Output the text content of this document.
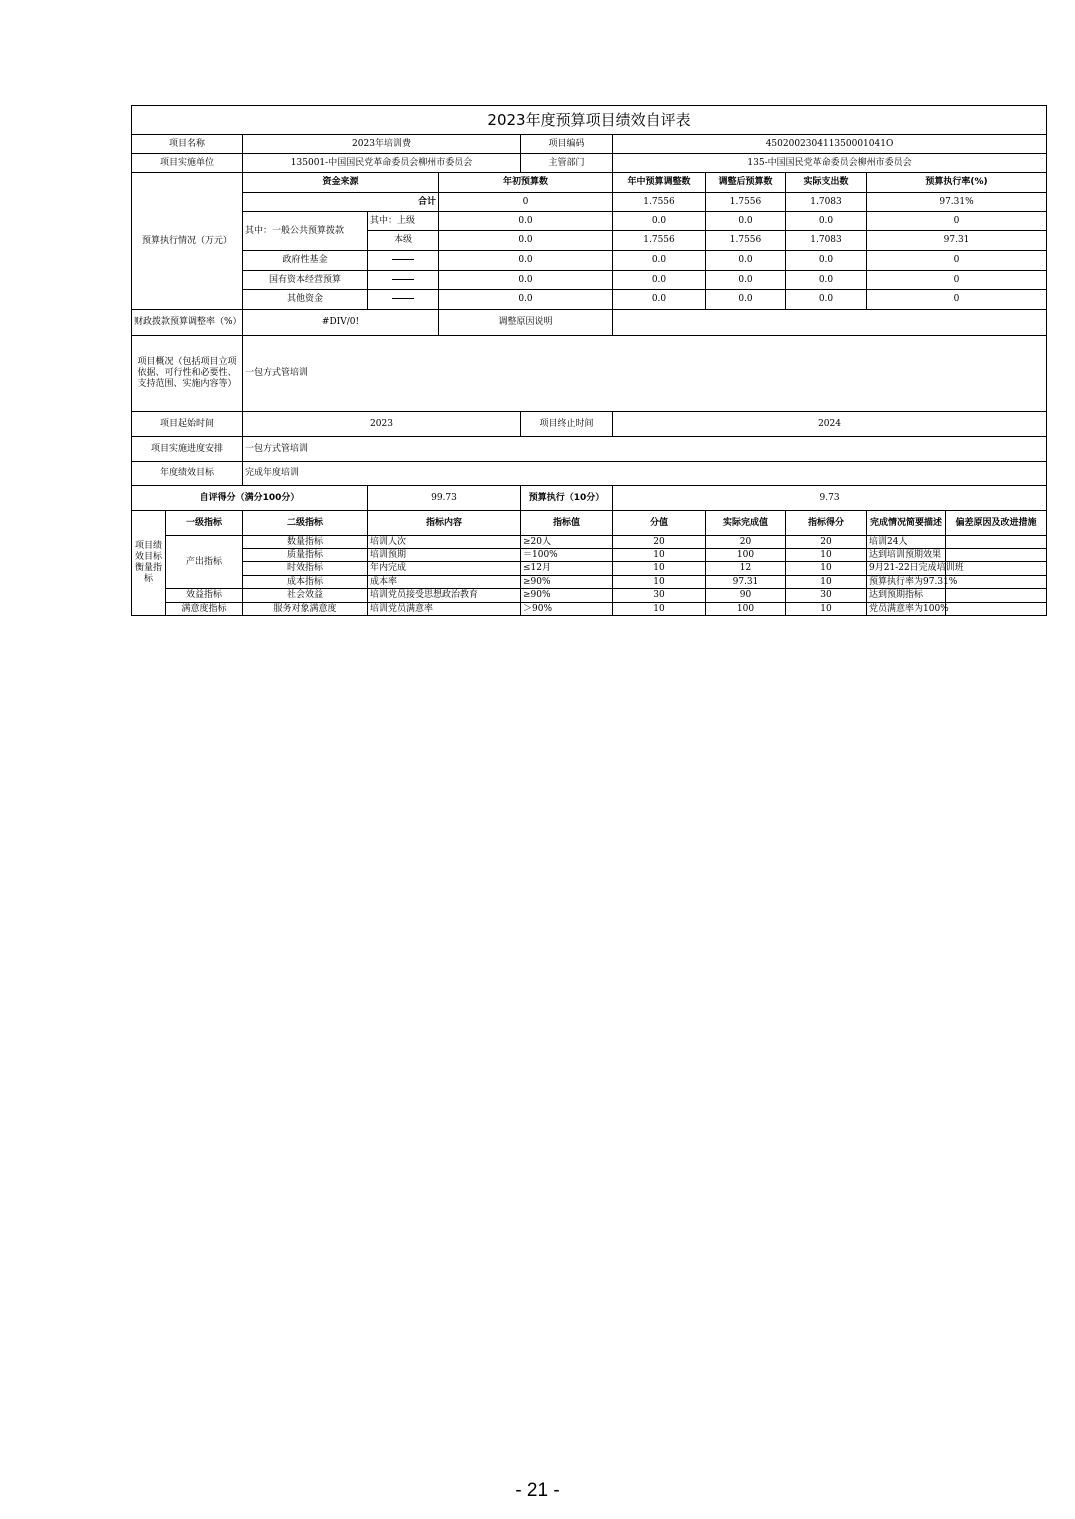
2023年度预算项目绩效自评表										
项目名称		2023年培训费			项目编码	450200230411350001041O				
项目实施单位		135001-中国国民党革命委员会柳州市委员会			主管部门	135-中国国民党革命委员会柳州市委员会				
预算执行情况（万元）		资金来源		年初预算数		年中预算调整数	调整后预算数	实际支出数	预算执行率(%)	
		合计		0		1.7556	1.7556	1.7083	97.31%	
		其中：一般公共预算拨款	其中：上级	0.0		0.0	0.0	0.0	0	
			本级	0.0		1.7556	1.7556	1.7083	97.31	
		政府性基金		0.0		0.0	0.0	0.0	0	
		国有资本经营预算		0.0		0.0	0.0	0.0	0	
		其他资金		0.0		0.0	0.0	0.0	0	
财政拨款预算调整率（%）		#DIV/0!		调整原因说明						
项目概况（包括项目立项依据、可行性和必要性、支持范围、实施内容等）		一包方式管培训								
项目起始时间		2023			项目终止时间	2024				
项目实施进度安排		一包方式管培训								
年度绩效目标		完成年度培训								
自评得分（满分100分）			99.73		预算执行（10分）	9.73				
项目绩效目标衡量指标	一级指标	二级指标	指标内容		指标值	分值	实际完成值	指标得分	完成情况简要描述	偏差原因及改进措施
	产出指标	数量指标	培训人次		≥20人	20	20	20	培训24人	

		质量指标	培训预期		＝100%	10	100	10	达到培训预期效果	

		时效指标	年内完成		≤12月	10	12	10	9月21-22日完成培训班	

		成本指标	成本率		≥90%	10	97.31	10	预算执行率为97.31%	

	效益指标	社会效益	培训党员接受思想政治教育		≥90%	30	90	30	达到预期指标	

	满意度指标	服务对象满意度	培训党员满意率		＞90%	10	100	10	党员满意率为100%	

- 21 -
